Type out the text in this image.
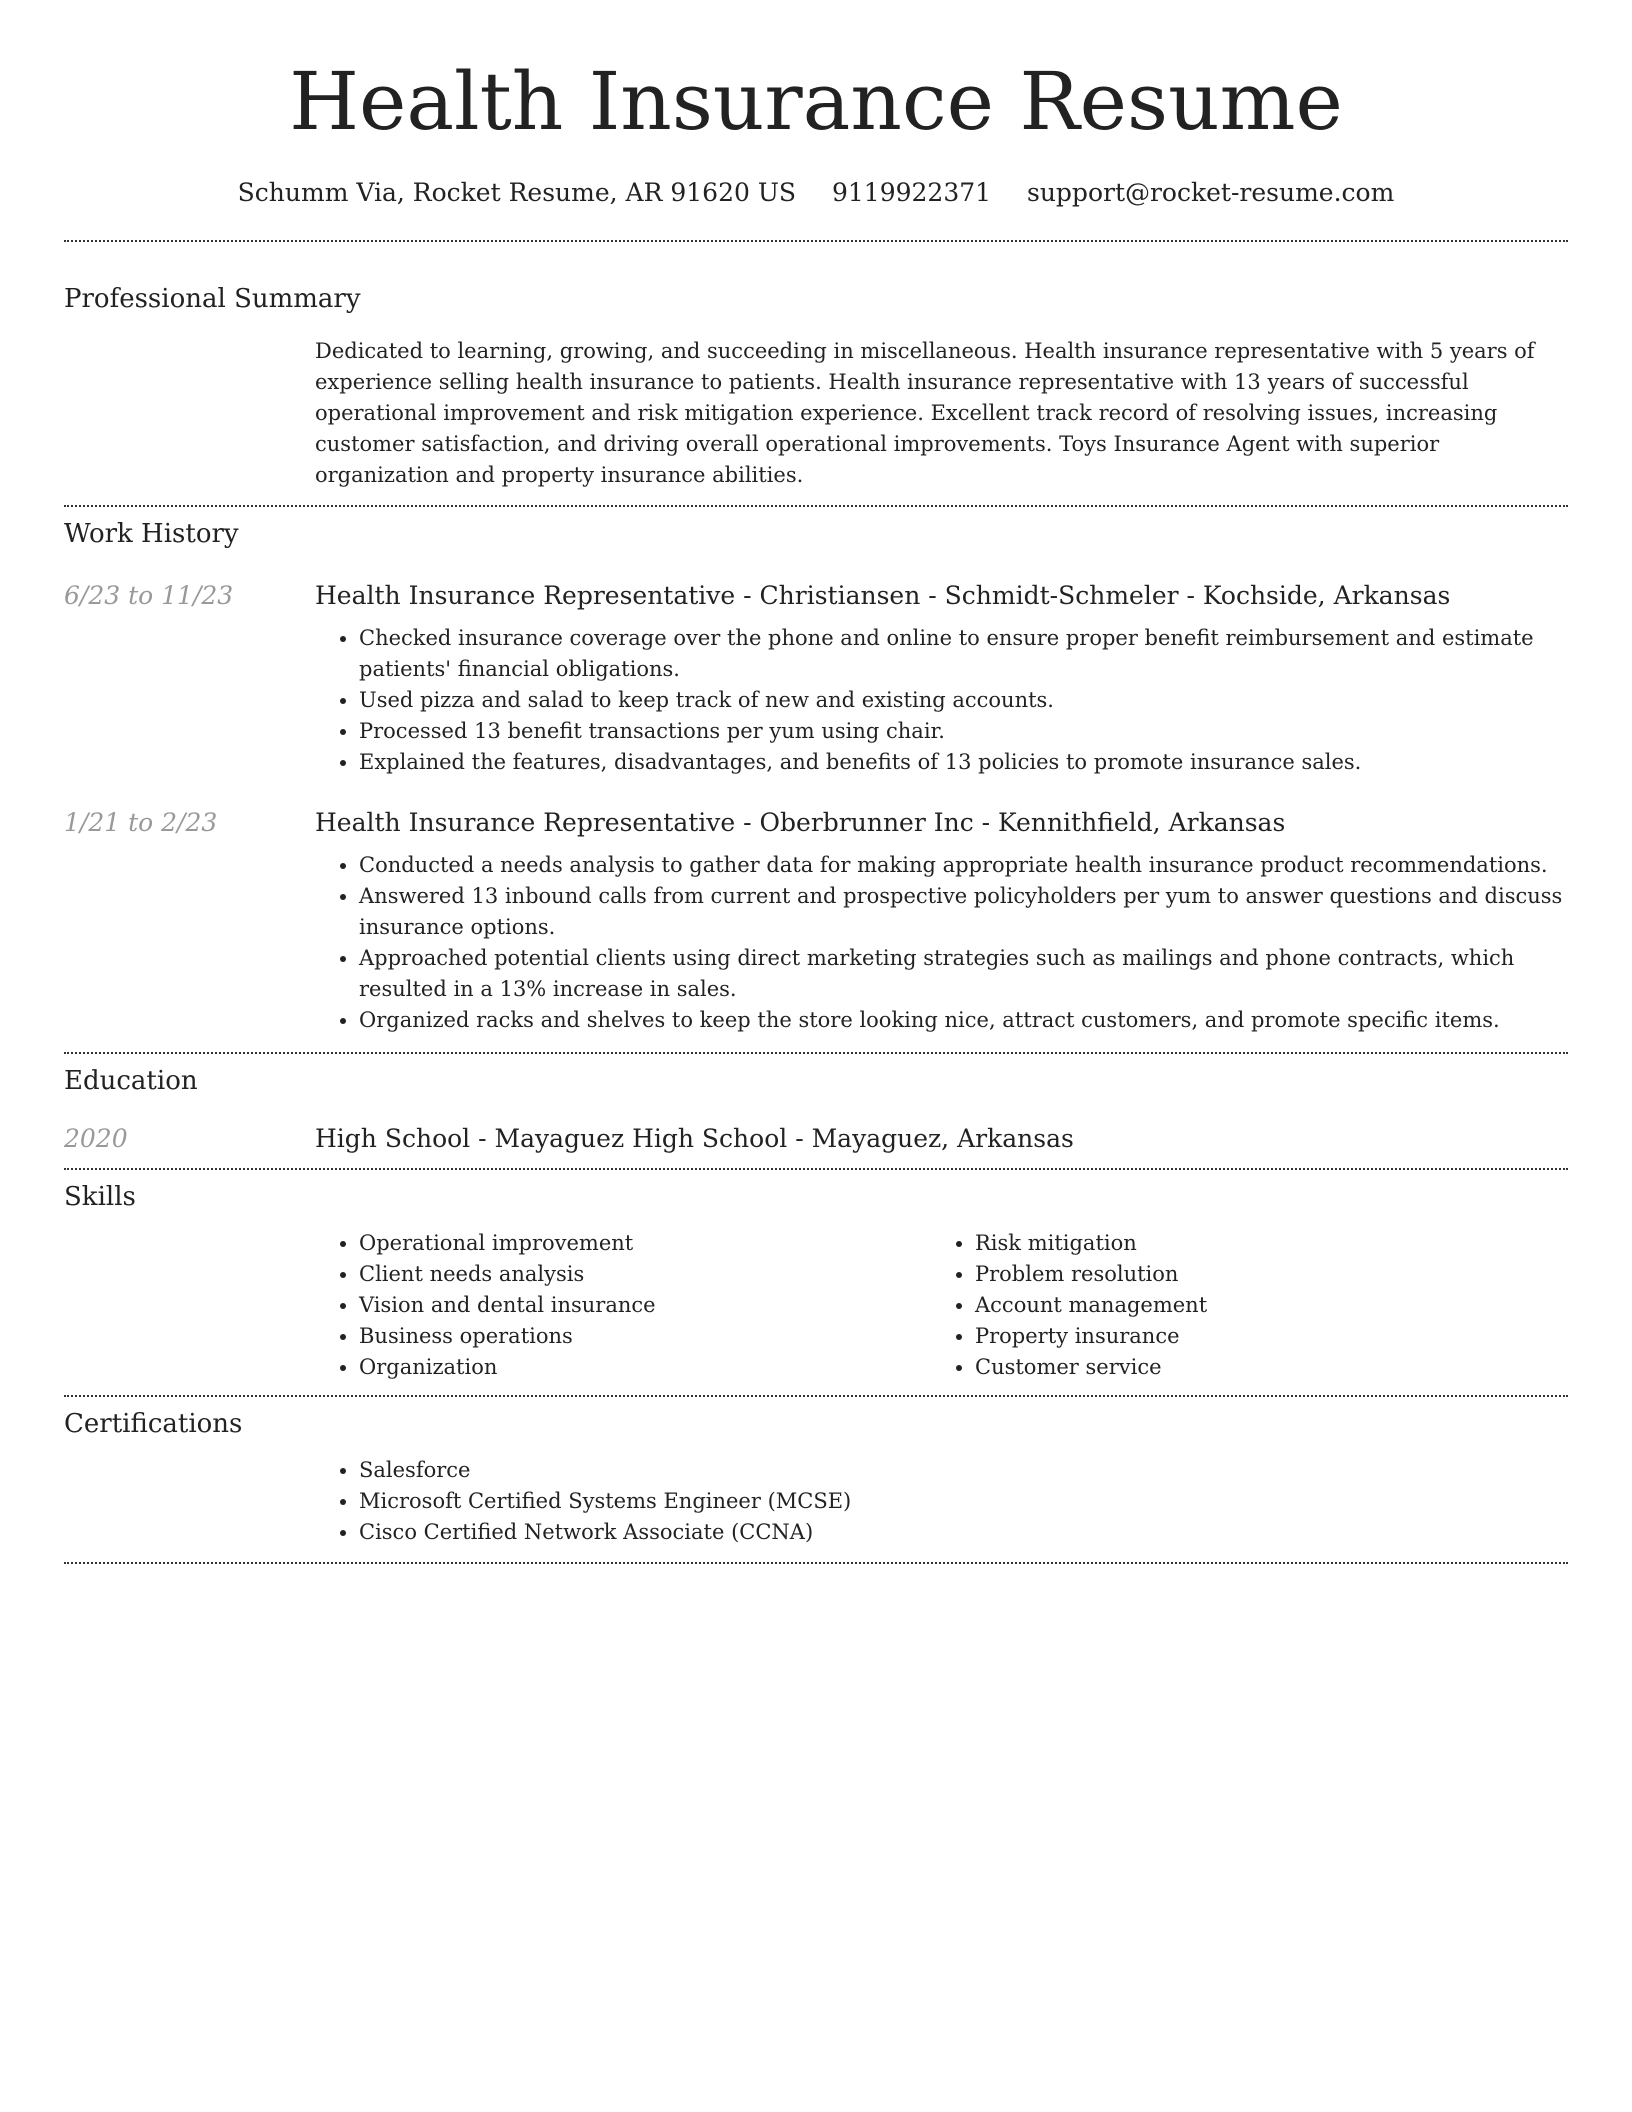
Health Insurance Resume
Schumm Via, Rocket Resume, AR 91620 US 9119922371 support@rocket-resume.com
Professional Summary
Dedicated to learning, growing, and succeeding in miscellaneous. Health insurance representative with 5 years of experience selling health insurance to patients. Health insurance representative with 13 years of successful operational improvement and risk mitigation experience. Excellent track record of resolving issues, increasing customer satisfaction, and driving overall operational improvements. Toys Insurance Agent with superior organization and property insurance abilities.
Work History
6/23 to 11/23	Health Insurance Representative - Christiansen - Schmidt-Schmeler - Kochside, Arkansas
• Checked insurance coverage over the phone and online to ensure proper benefit reimbursement and estimate patients' financial obligations.
• Used pizza and salad to keep track of new and existing accounts.
• Processed 13 benefit transactions per yum using chair.
• Explained the features, disadvantages, and benefits of 13 policies to promote insurance sales.
1/21 to 2/23	Health Insurance Representative - Oberbrunner Inc - Kennithfield, Arkansas
• Conducted a needs analysis to gather data for making appropriate health insurance product recommendations.
• Answered 13 inbound calls from current and prospective policyholders per yum to answer questions and discuss insurance options.
• Approached potential clients using direct marketing strategies such as mailings and phone contracts, which resulted in a 13% increase in sales.
• Organized racks and shelves to keep the store looking nice, attract customers, and promote specific items.
Education
2020	High School - Mayaguez High School - Mayaguez, Arkansas
Skills
• Operational improvement
• Client needs analysis
• Vision and dental insurance
• Business operations
• Organization
• Risk mitigation
• Problem resolution
• Account management
• Property insurance
• Customer service
Certifications
• Salesforce
• Microsoft Certified Systems Engineer (MCSE)
• Cisco Certified Network Associate (CCNA)
